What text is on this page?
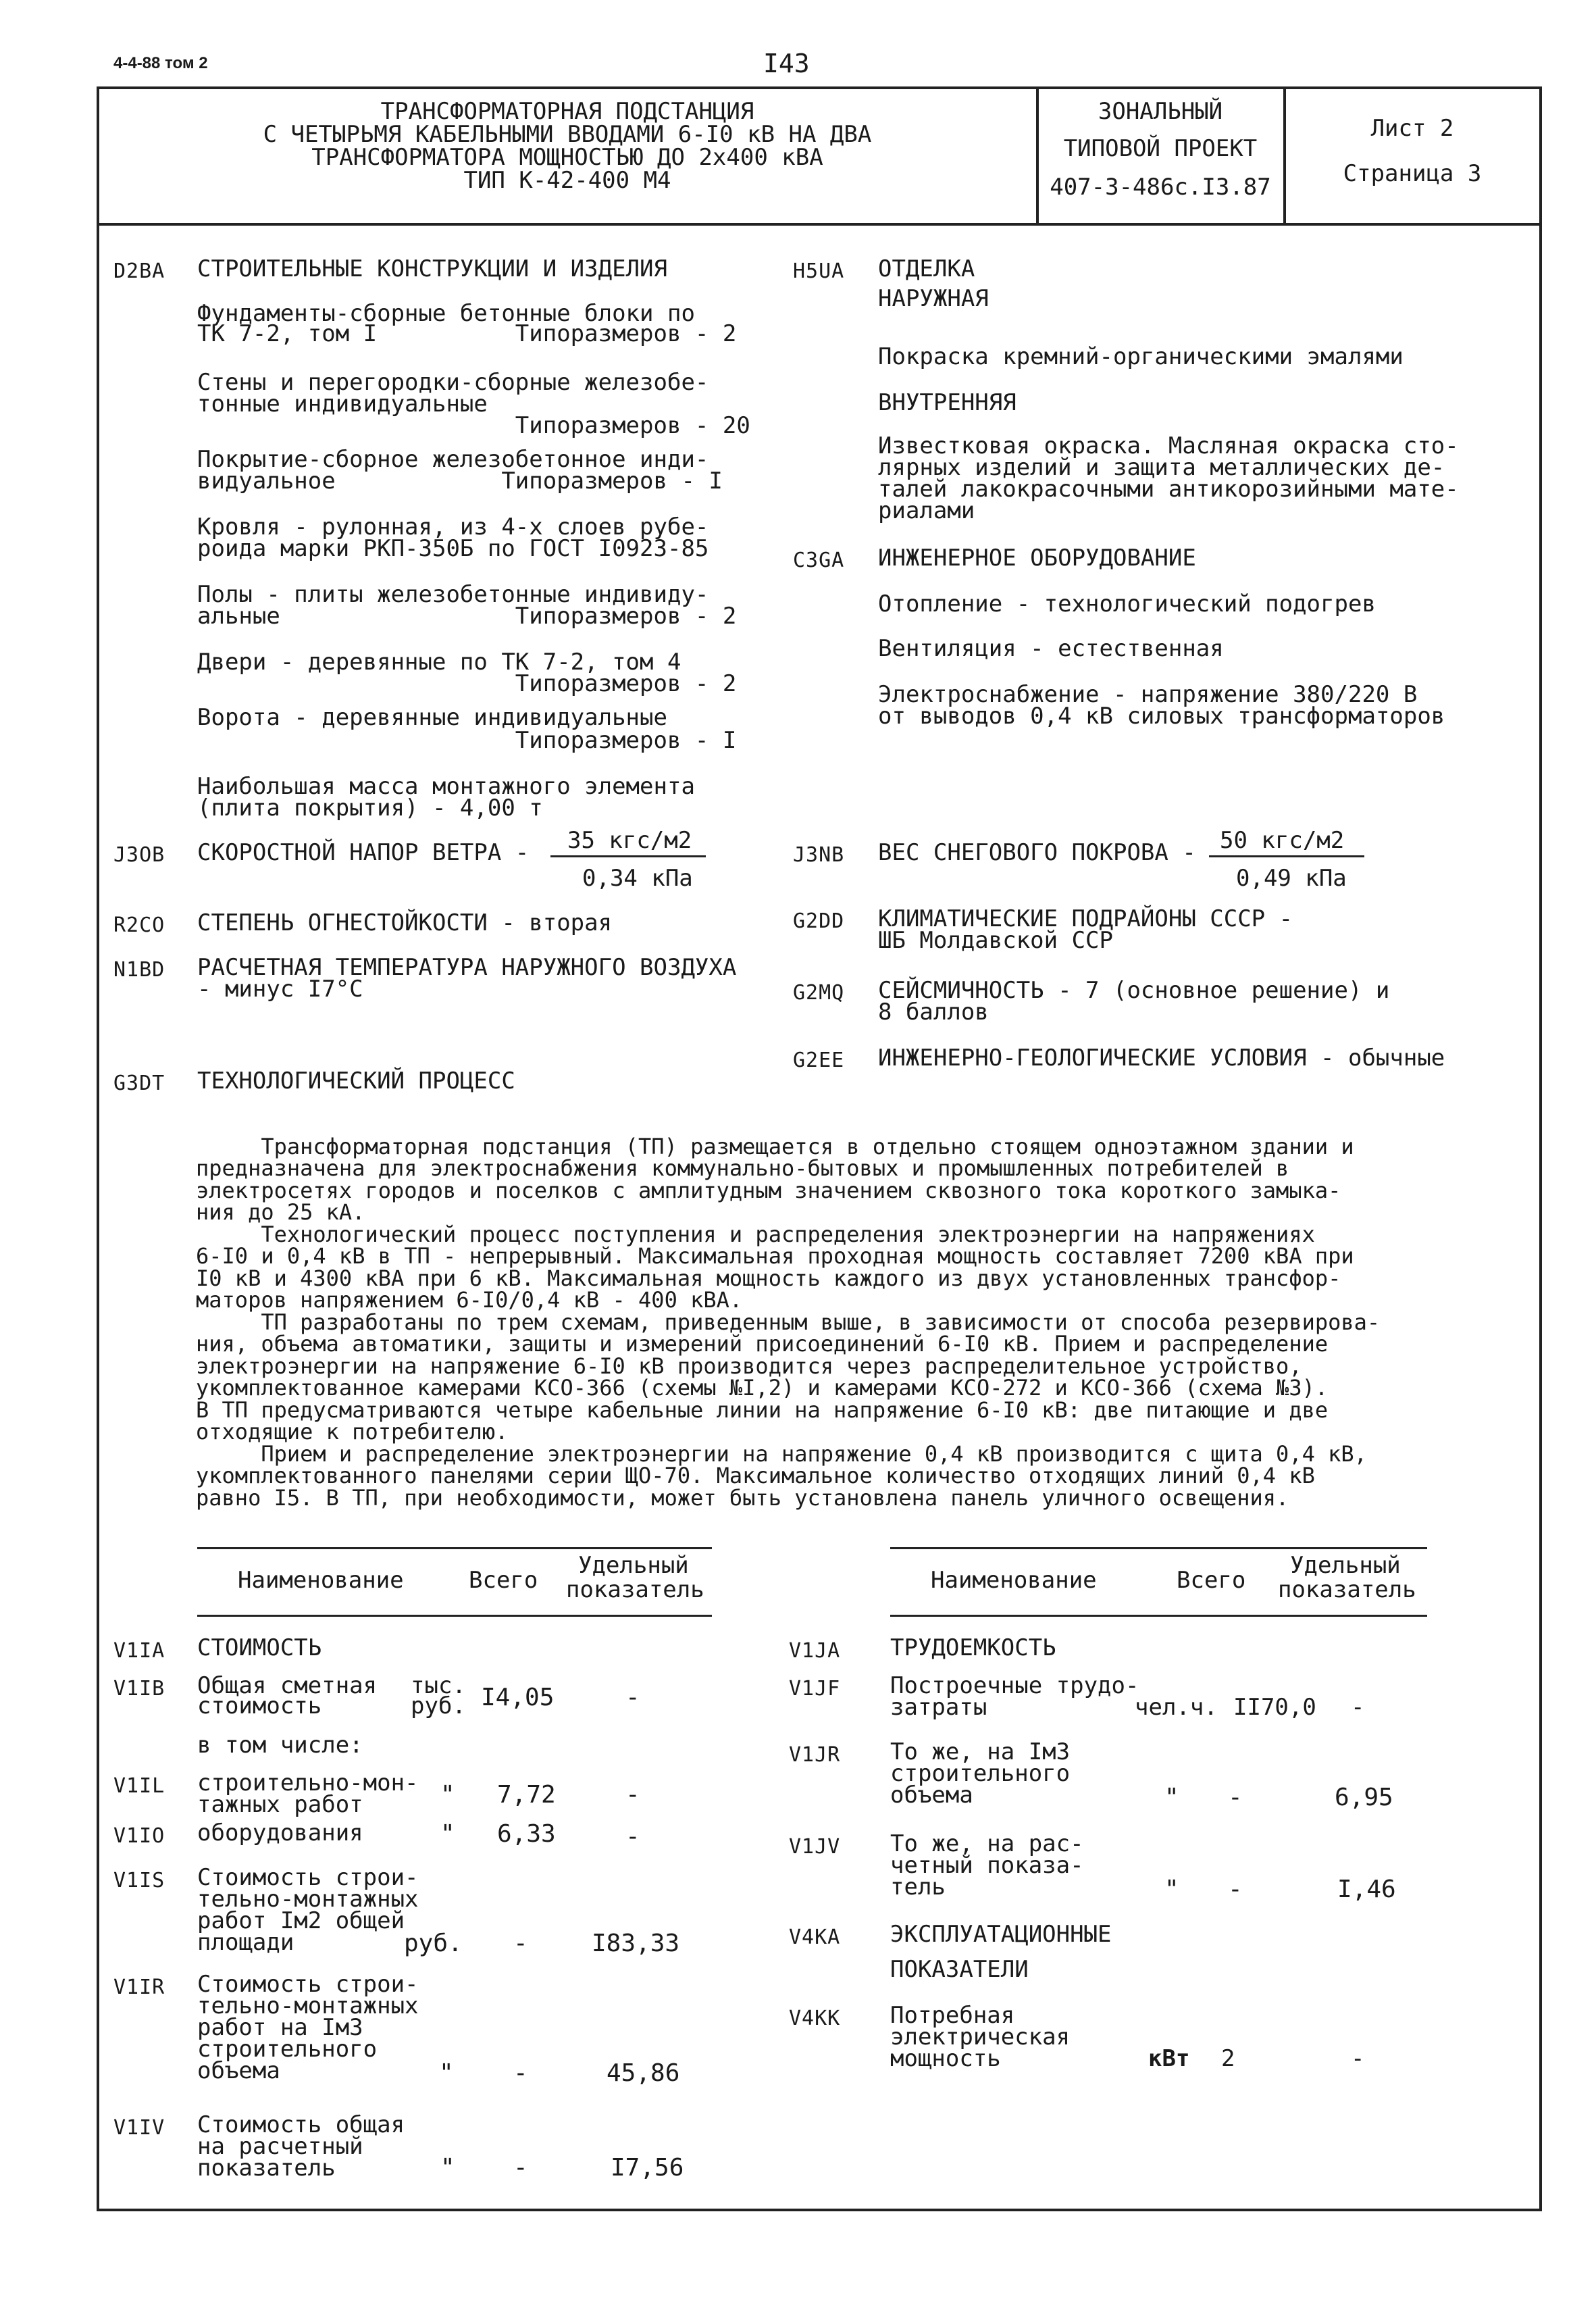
4-4-88 том 2	I43
ТРАНСФОРМАТОРНАЯ ПОДСТАНЦИЯ
С ЧЕТЫРЬМЯ КАБЕЛЬНЫМИ ВВОДАМИ 6-I0 кВ НА ДВА
ТРАНСФОРМАТОРА МОЩНОСТЬЮ ДО 2х400 кВА
ТИП К-42-400 М4
ЗОНАЛЬНЫЙ
ТИПОВОЙ ПРОЕКТ
407-3-486с.I3.87
Лист 2
Страница 3
D2BA СТРОИТЕЛЬНЫЕ КОНСТРУКЦИИ И ИЗДЕЛИЯ
Фундаменты-сборные бетонные блоки по
ТК 7-2, том I          Типоразмеров - 2
Стены и перегородки-сборные железобе-
тонные индивидуальные
Типоразмеров - 20
Покрытие-сборное железобетонное инди-
видуальное            Типоразмеров - I
Кровля - рулонная, из 4-х слоев рубе-
роида марки РКП-350Б по ГОСТ I0923-85
Полы - плиты железобетонные индивиду-
альные                 Типоразмеров - 2
Двери - деревянные по ТК 7-2, том 4
Типоразмеров - 2
Ворота - деревянные индивидуальные
Типоразмеров - I
Наибольшая масса монтажного элемента
(плита покрытия) - 4,00 т
J3OB СКОРОСТНОЙ НАПОР ВЕТРА - 35 кгс/м2
0,34 кПа
R2CO СТЕПЕНЬ ОГНЕСТОЙКОСТИ - вторая
N1BD РАСЧЕТНАЯ ТЕМПЕРАТУРА НАРУЖНОГО ВОЗДУХА
- минус I7°С
G3DT ТЕХНОЛОГИЧЕСКИЙ ПРОЦЕСС
H5UA ОТДЕЛКА
НАРУЖНАЯ
Покраска кремний-органическими эмалями
ВНУТРЕННЯЯ
Известковая окраска. Масляная окраска сто-
лярных изделий и защита металлических де-
талей лакокрасочными антикорозийными мате-
риалами
C3GA ИНЖЕНЕРНОЕ ОБОРУДОВАНИЕ
Отопление - технологический подогрев
Вентиляция - естественная
Электроснабжение - напряжение 380/220 В
от выводов 0,4 кВ силовых трансформаторов
J3NB ВЕС СНЕГОВОГО ПОКРОВА - 50 кгс/м2
0,49 кПа
G2DD КЛИМАТИЧЕСКИЕ ПОДРАЙОНЫ СССР -
ШБ Молдавской ССР
G2MQ СЕЙСМИЧНОСТЬ - 7 (основное решение) и
8 баллов
G2EE ИНЖЕНЕРНО-ГЕОЛОГИЧЕСКИЕ УСЛОВИЯ - обычные

Трансформаторная подстанция (ТП) размещается в отдельно стоящем одноэтажном здании и
предназначена для электроснабжения коммунально-бытовых и промышленных потребителей в
электросетях городов и поселков с амплитудным значением сквозного тока короткого замыка-
ния до 25 кА.
Технологический процесс поступления и распределения электроэнергии на напряжениях
6-I0 и 0,4 кВ в ТП - непрерывный. Максимальная проходная мощность составляет 7200 кВА при
I0 кВ и 4300 кВА при 6 кВ. Максимальная мощность каждого из двух установленных трансфор-
маторов напряжением 6-I0/0,4 кВ - 400 кВА.
ТП разработаны по трем схемам, приведенным выше, в зависимости от способа резервирова-
ния, объема автоматики, защиты и измерений присоединений 6-I0 кВ. Прием и распределение
электроэнергии на напряжение 6-I0 кВ производится через распределительное устройство,
укомплектованное камерами КСО-366 (схемы №I,2) и камерами КСО-272 и КСО-366 (схема №3).
В ТП предусматриваются четыре кабельные линии на напряжение 6-I0 кВ: две питающие и две
отходящие к потребителю.
Прием и распределение электроэнергии на напряжение 0,4 кВ производится с щита 0,4 кВ,
укомплектованного панелями серии ЩО-70. Максимальное количество отходящих линий 0,4 кВ
равно I5. В ТП, при необходимости, может быть установлена панель уличного освещения.

Наименование	Всего
Удельный
показатель
V1IA СТОИМОСТЬ
V1IB Общая сметная
стоимость
тыс.
руб. I4,05	-
в том числе:
V1IL строительно-мон-
тажных работ	" 7,72	-
V1IO оборудования	" 6,33	-
V1IS Стоимость строи-
тельно-монтажных
работ Iм2 общей
площади	руб. -	I83,33
V1IR Стоимость строи-
тельно-монтажных
работ на Iм3
строительного
объема	" -	45,86
V1IV Стоимость общая
на расчетный
показатель	" -	I7,56
Наименование	Всего
Удельный
показатель
V1JA ТРУДОЕМКОСТЬ
V1JF Построечные трудо-
затраты	чел.ч. II70,0 -
V1JR То же, на Iм3
строительного
объема	" -	6,95
V1JV То же, на рас-
четный показа-
тель	" -	I,46
V4KA ЭКСПЛУАТАЦИОННЫЕ
ПОКАЗАТЕЛИ
V4KK Потребная
электрическая
мощность	кВт 2	-
